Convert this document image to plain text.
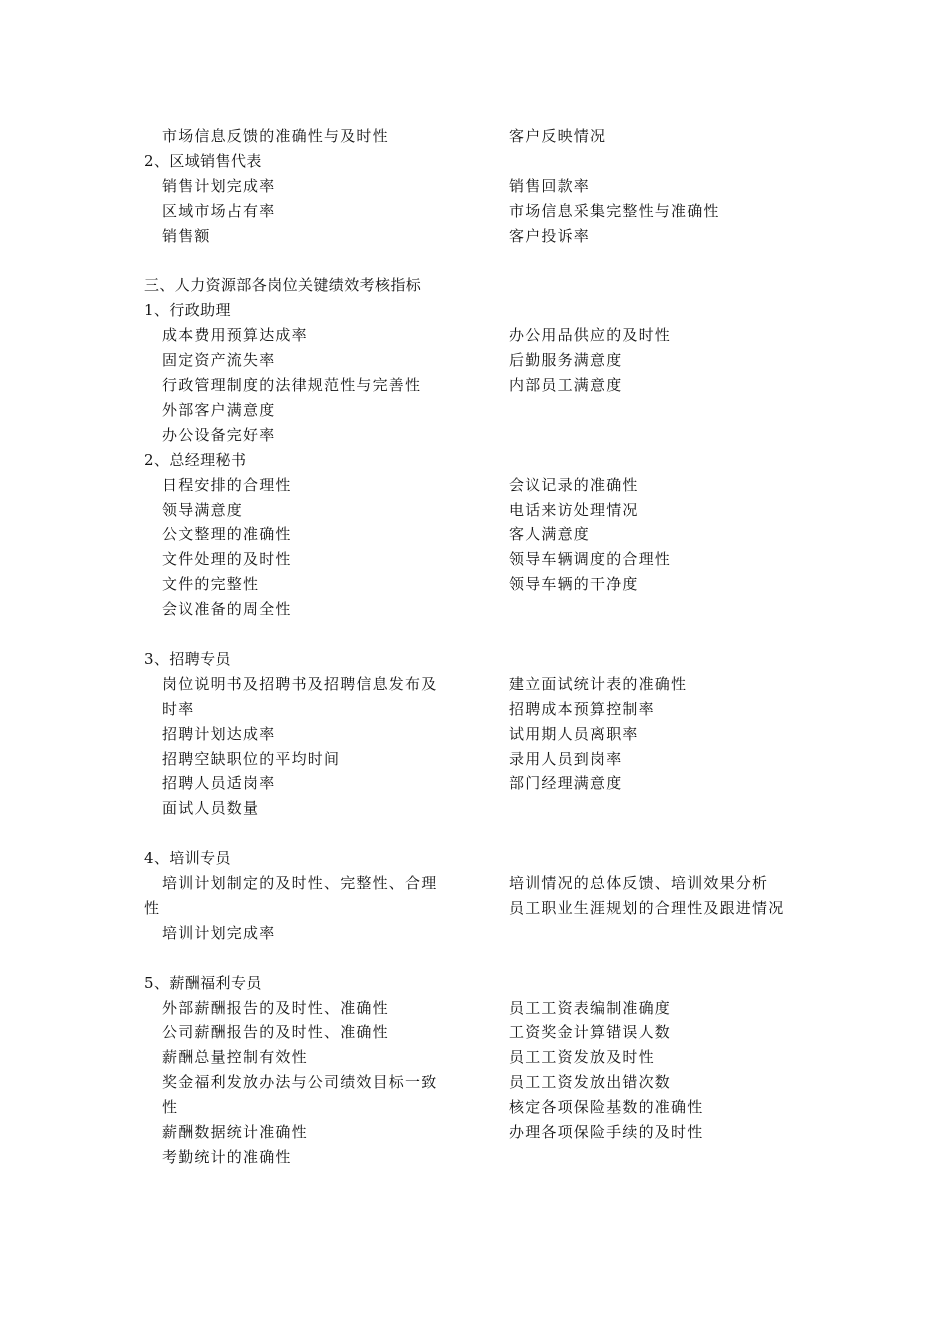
市场信息反馈的准确性与及时性	客户反映情况
2、区域销售代表
销售计划完成率	销售回款率
区域市场占有率	市场信息采集完整性与准确性
销售额	客户投诉率
三、人力资源部各岗位关键绩效考核指标
1、行政助理
成本费用预算达成率	办公用品供应的及时性
固定资产流失率	后勤服务满意度
行政管理制度的法律规范性与完善性	内部员工满意度
外部客户满意度
办公设备完好率
2、总经理秘书
日程安排的合理性	会议记录的准确性
领导满意度	电话来访处理情况
公文整理的准确性	客人满意度
文件处理的及时性	领导车辆调度的合理性
文件的完整性	领导车辆的干净度
会议准备的周全性
3、招聘专员
岗位说明书及招聘书及招聘信息发布及	建立面试统计表的准确性
时率	招聘成本预算控制率
招聘计划达成率	试用期人员离职率
招聘空缺职位的平均时间	录用人员到岗率
招聘人员适岗率	部门经理满意度
面试人员数量
4、培训专员
培训计划制定的及时性、完整性、合理	培训情况的总体反馈、培训效果分析
性	员工职业生涯规划的合理性及跟进情况
培训计划完成率
5、薪酬福利专员
外部薪酬报告的及时性、准确性	员工工资表编制准确度
公司薪酬报告的及时性、准确性	工资奖金计算错误人数
薪酬总量控制有效性	员工工资发放及时性
奖金福利发放办法与公司绩效目标一致	员工工资发放出错次数
性	核定各项保险基数的准确性
薪酬数据统计准确性	办理各项保险手续的及时性
考勤统计的准确性
